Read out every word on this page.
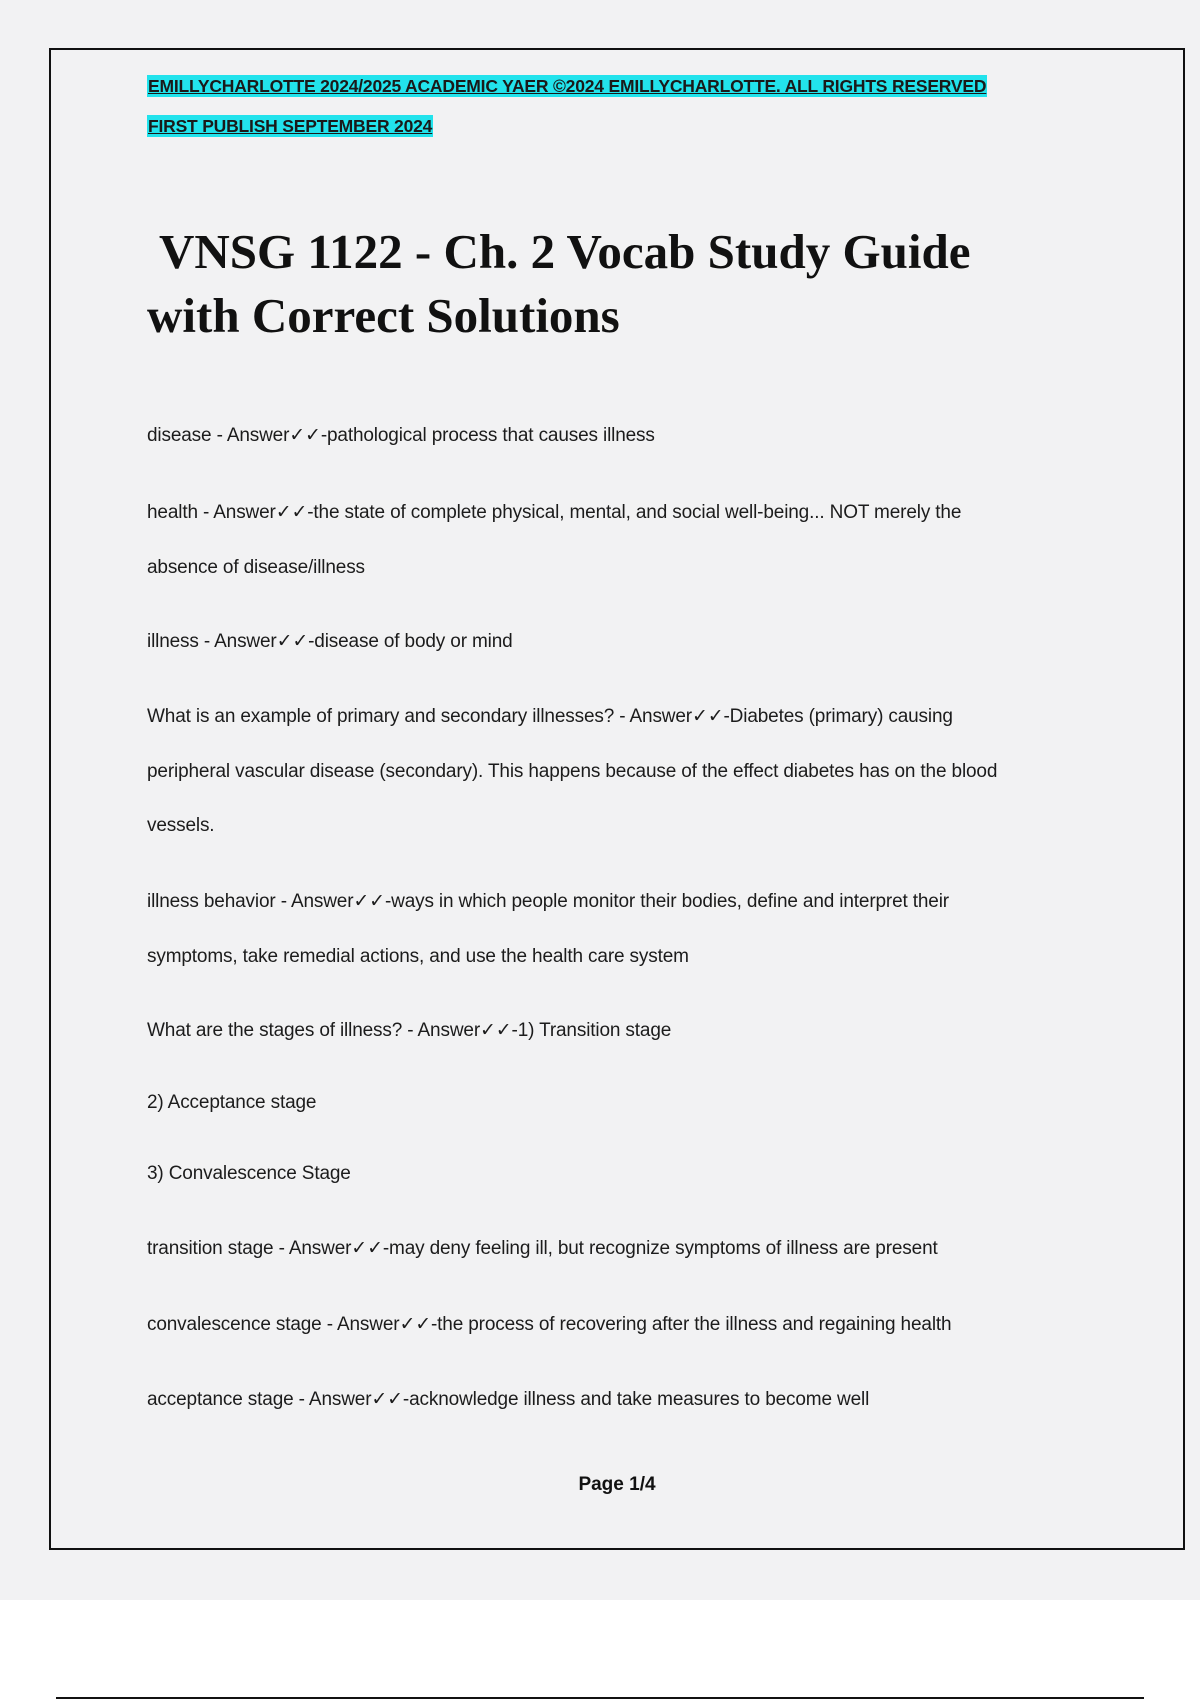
EMILLYCHARLOTTE 2024/2025 ACADEMIC YAER ©2024 EMILLYCHARLOTTE. ALL RIGHTS RESERVED
FIRST PUBLISH SEPTEMBER 2024
VNSG 1122 - Ch. 2 Vocab Study Guide
with Correct Solutions
disease - Answer✓✓-pathological process that causes illness
health - Answer✓✓-the state of complete physical, mental, and social well-being... NOT merely the
absence of disease/illness
illness - Answer✓✓-disease of body or mind
What is an example of primary and secondary illnesses? - Answer✓✓-Diabetes (primary) causing
peripheral vascular disease (secondary). This happens because of the effect diabetes has on the blood
vessels.
illness behavior - Answer✓✓-ways in which people monitor their bodies, define and interpret their
symptoms, take remedial actions, and use the health care system
What are the stages of illness? - Answer✓✓-1) Transition stage
2) Acceptance stage
3) Convalescence Stage
transition stage - Answer✓✓-may deny feeling ill, but recognize symptoms of illness are present
convalescence stage - Answer✓✓-the process of recovering after the illness and regaining health
acceptance stage - Answer✓✓-acknowledge illness and take measures to become well
Page 1/4
